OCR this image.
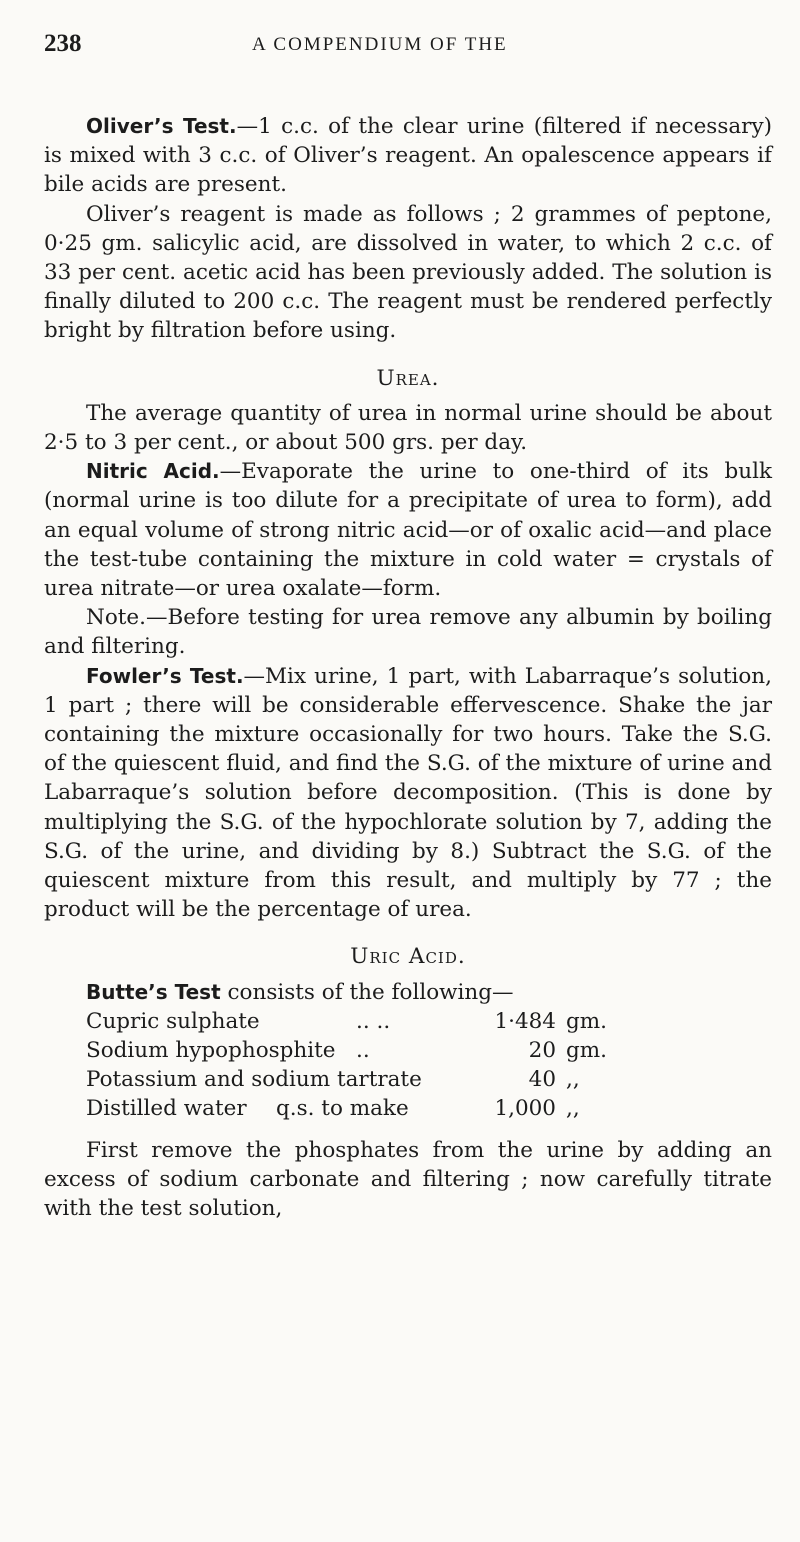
238	A COMPENDIUM OF THE

Oliver’s Test.—1 c.c. of the clear urine (filtered if necessary) is mixed with 3 c.c. of Oliver’s reagent. An opalescence appears if bile acids are present.

Oliver’s reagent is made as follows ; 2 grammes of peptone, 0·25 gm. salicylic acid, are dissolved in water, to which 2 c.c. of 33 per cent. acetic acid has been previously added. The solution is finally diluted to 200 c.c. The reagent must be rendered perfectly bright by filtration before using.

Urea.

The average quantity of urea in normal urine should be about 2·5 to 3 per cent., or about 500 grs. per day.

Nitric Acid.—Evaporate the urine to one-third of its bulk (normal urine is too dilute for a precipitate of urea to form), add an equal volume of strong nitric acid—or of oxalic acid—and place the test-tube containing the mixture in cold water = crystals of urea nitrate—or urea oxalate—form.

Note.—Before testing for urea remove any albumin by boiling and filtering.

Fowler’s Test.—Mix urine, 1 part, with Labarraque’s solution, 1 part ; there will be considerable effervescence. Shake the jar containing the mixture occasionally for two hours. Take the S.G. of the quiescent fluid, and find the S.G. of the mixture of urine and Labarraque’s solution before decomposition. (This is done by multiplying the S.G. of the hypochlorate solution by 7, adding the S.G. of the urine, and dividing by 8.) Subtract the S.G. of the quiescent mixture from this result, and multiply by 77 ; the product will be the percentage of urea.

Uric Acid.

Butte’s Test consists of the following—

Cupric sulphate	.. ..	1·484 gm.
Sodium hypophosphite ..	20 gm.
Potassium and sodium tartrate	40 ,,
Distilled water	q.s. to make	1,000 ,,

First remove the phosphates from the urine by adding an excess of sodium carbonate and filtering ; now carefully titrate with the test solution,
